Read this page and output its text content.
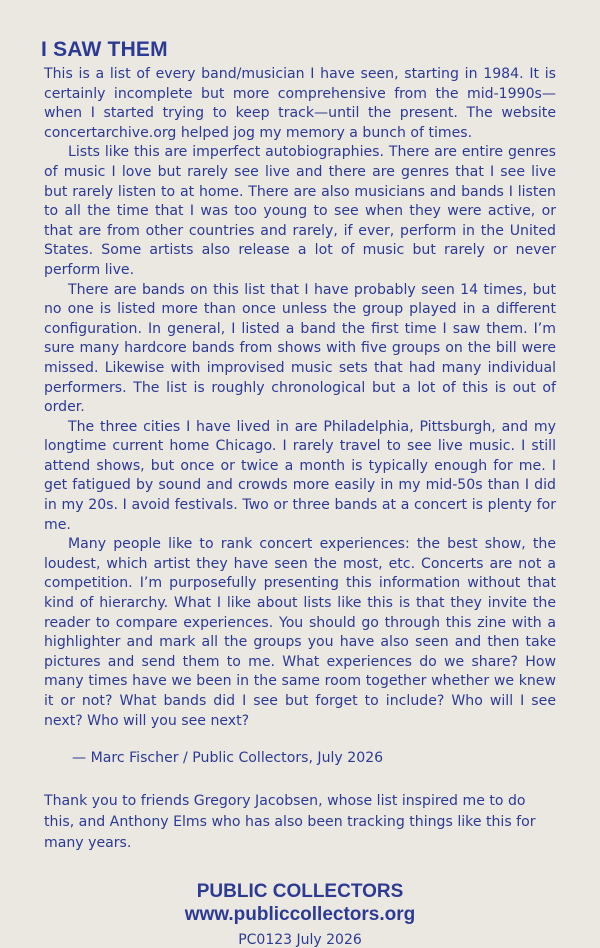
I SAW THEM

This is a list of every band/musician I have seen, starting in 1984. It is certainly incomplete but more comprehensive from the mid-1990s—when I started trying to keep track—until the present. The website concertarchive.org helped jog my memory a bunch of times.

Lists like this are imperfect autobiographies. There are entire genres of music I love but rarely see live and there are genres that I see live but rarely listen to at home. There are also musicians and bands I listen to all the time that I was too young to see when they were active, or that are from other countries and rarely, if ever, perform in the United States. Some artists also release a lot of music but rarely or never perform live.

There are bands on this list that I have probably seen 14 times, but no one is listed more than once unless the group played in a different configuration. In general, I listed a band the first time I saw them. I’m sure many hardcore bands from shows with five groups on the bill were missed. Likewise with improvised music sets that had many individual performers. The list is roughly chronological but a lot of this is out of order.

The three cities I have lived in are Philadelphia, Pittsburgh, and my longtime current home Chicago. I rarely travel to see live music. I still attend shows, but once or twice a month is typically enough for me. I get fatigued by sound and crowds more easily in my mid-50s than I did in my 20s. I avoid festivals. Two or three bands at a concert is plenty for me.

Many people like to rank concert experiences: the best show, the loudest, which artist they have seen the most, etc. Concerts are not a competition. I’m purposefully presenting this information without that kind of hierarchy. What I like about lists like this is that they invite the reader to compare experiences. You should go through this zine with a highlighter and mark all the groups you have also seen and then take pictures and send them to me. What experiences do we share? How many times have we been in the same room together whether we knew it or not? What bands did I see but forget to include? Who will I see next? Who will you see next?

— Marc Fischer / Public Collectors, July 2026
Thank you to friends Gregory Jacobsen, whose list inspired me to do this, and Anthony Elms who has also been tracking things like this for many years.
PUBLIC COLLECTORS
www.publiccollectors.org
PC0123 July 2026
